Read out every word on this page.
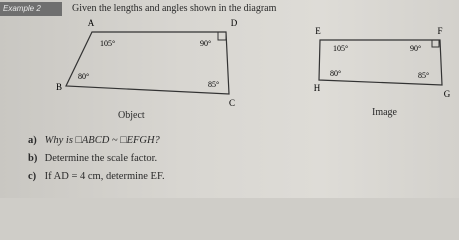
Example 2	Given the lengths and angles shown in the diagram
A	D
B
C
105°	90°
80°
85°
E	F
H
G
105°	90°
80°	85°
Object	Image
a) Why is □ABCD ~ □EFGH?
b) Determine the scale factor.
c) If AD = 4 cm, determine EF.
